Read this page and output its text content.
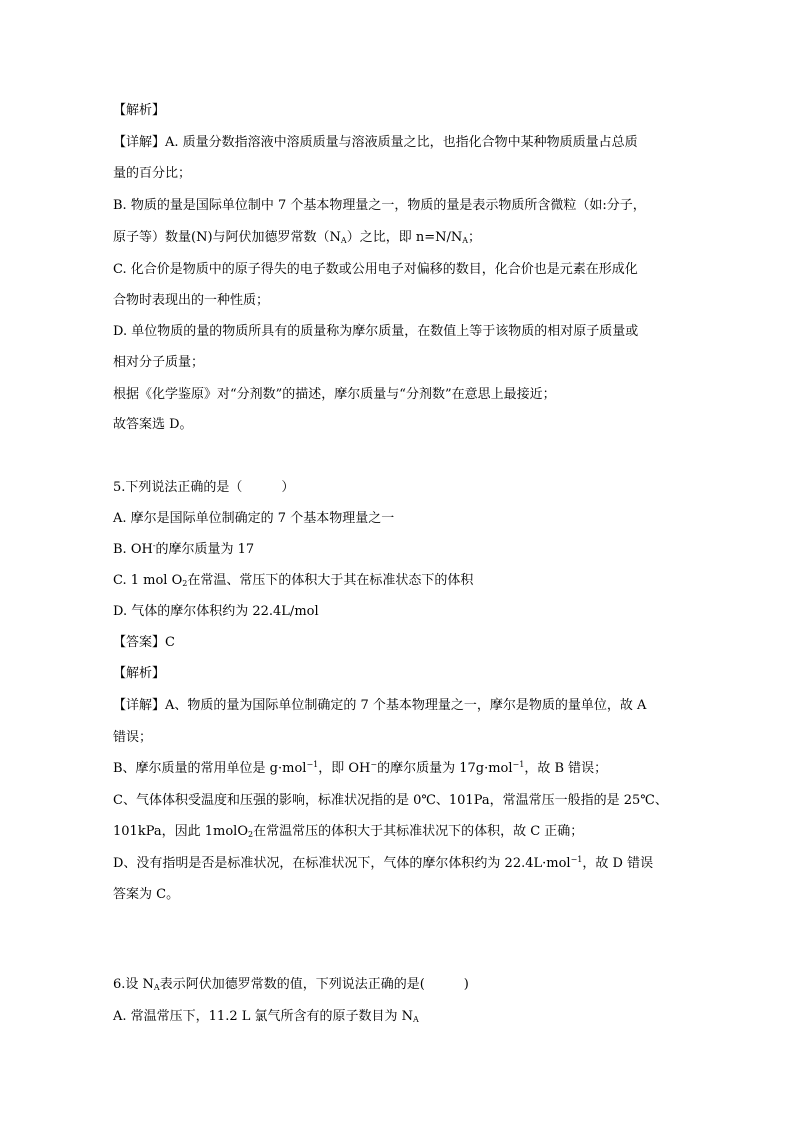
【解析】
【详解】A. 质量分数指溶液中溶质质量与溶液质量之比，也指化合物中某种物质质量占总质
量的百分比；
B. 物质的量是国际单位制中 7 个基本物理量之一，物质的量是表示物质所含微粒（如:分子，
原子等）数量(N)与阿伏加德罗常数$(N_A)$之比，即 $n=N/N_A$；
C. 化合价是物质中的原子得失的电子数或公用电子对偏移的数目，化合价也是元素在形成化
合物时表现出的一种性质；
D. 单位物质的量的物质所具有的质量称为摩尔质量，在数值上等于该物质的相对原子质量或
相对分子质量；
根据《化学鉴原》对“分剂数”的描述，摩尔质量与“分剂数”在意思上最接近；
故答案选 D。
5.下列说法正确的是（　　　）
A. 摩尔是国际单位制确定的 7 个基本物理量之一
B. OH-的摩尔质量为 17
C. 1 mol $O_2$在常温、常压下的体积大于其在标准状态下的体积
D. 气体的摩尔体积约为 22.4L/mol
【答案】C
【解析】
【详解】A、物质的量为国际单位制确定的 7 个基本物理量之一，摩尔是物质的量单位，故 A
错误；
B、摩尔质量的常用单位是 g·mol$^{-1}$，即 OH−的摩尔质量为 17g·mol$^{-1}$，故 B 错误；
C、气体体积受温度和压强的影响，标准状况指的是 0℃、101Pa，常温常压一般指的是 25℃、
101kPa，因此 1molO$_2$在常温常压的体积大于其标准状况下的体积，故 C 正确；
D、没有指明是否是标准状况，在标准状况下，气体的摩尔体积约为 22.4L·mol$^{-1}$，故 D 错误
答案为 C。
6.设 $N_A$表示阿伏加德罗常数的值，下列说法正确的是(　　　)
A. 常温常压下，11.2 L 氯气所含有的原子数目为 $N_A$
